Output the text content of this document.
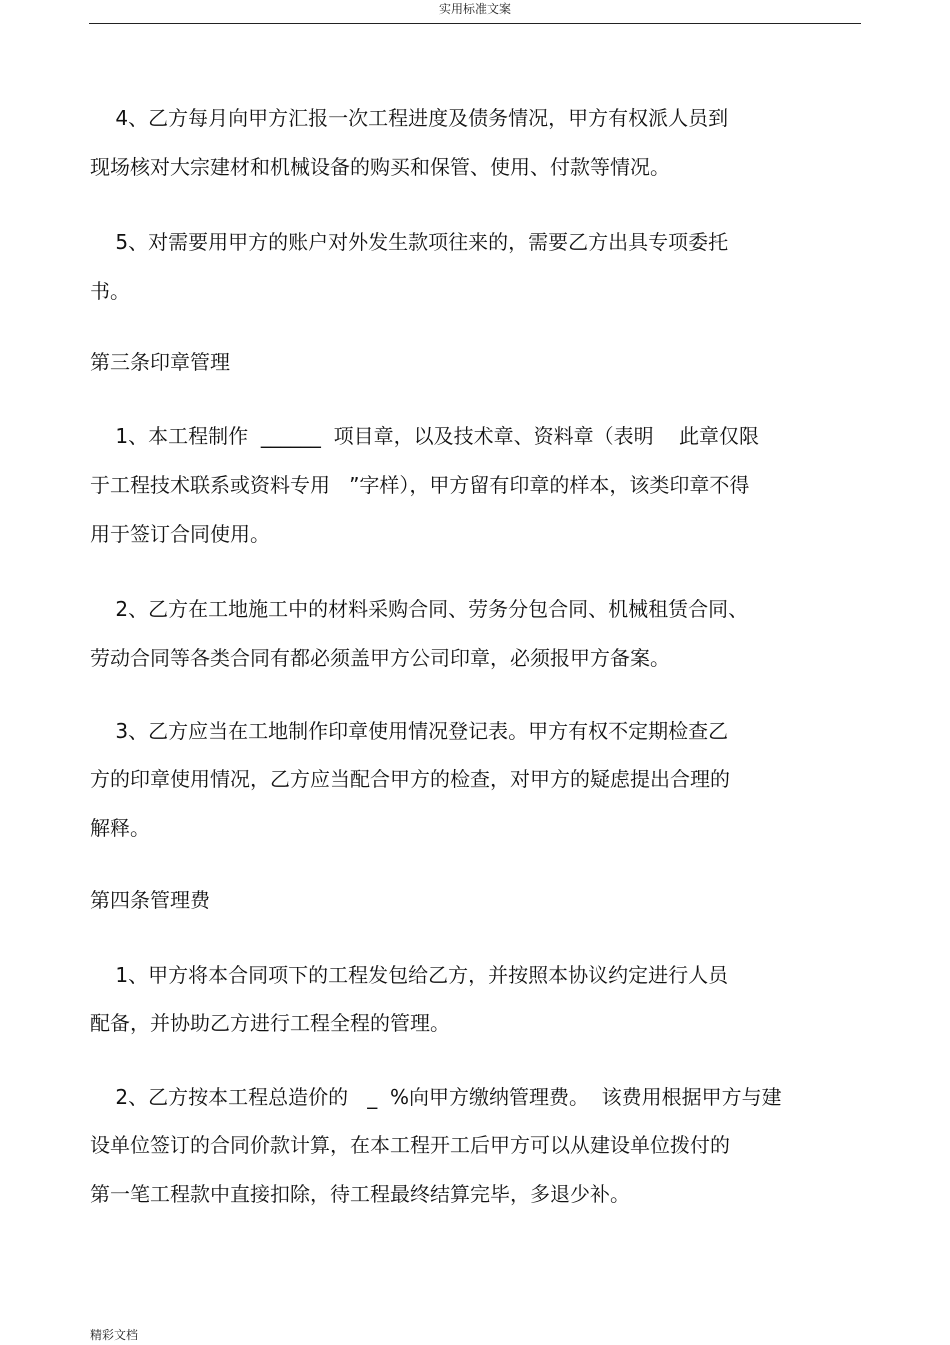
实用标准文案
4、乙方每月向甲方汇报一次工程进度及债务情况，甲方有权派人员到
现场核对大宗建材和机械设备的购买和保管、使用、付款等情况。
5、对需要用甲方的账户对外发生款项往来的，需要乙方出具专项委托
书。
第三条印章管理
1、本工程制作  ______  项目章，以及技术章、资料章（表明    此章仅限
于工程技术联系或资料专用   ”字样），甲方留有印章的样本，该类印章不得
用于签订合同使用。
2、乙方在工地施工中的材料采购合同、劳务分包合同、机械租赁合同、
劳动合同等各类合同有都必须盖甲方公司印章，必须报甲方备案。
3、乙方应当在工地制作印章使用情况登记表。甲方有权不定期检查乙
方的印章使用情况，乙方应当配合甲方的检查，对甲方的疑虑提出合理的
解释。
第四条管理费
1、甲方将本合同项下的工程发包给乙方，并按照本协议约定进行人员
配备，并协助乙方进行工程全程的管理。
2、乙方按本工程总造价的   _  %向甲方缴纳管理费。  该费用根据甲方与建
设单位签订的合同价款计算，在本工程开工后甲方可以从建设单位拨付的
第一笔工程款中直接扣除，待工程最终结算完毕，多退少补。
精彩文档
